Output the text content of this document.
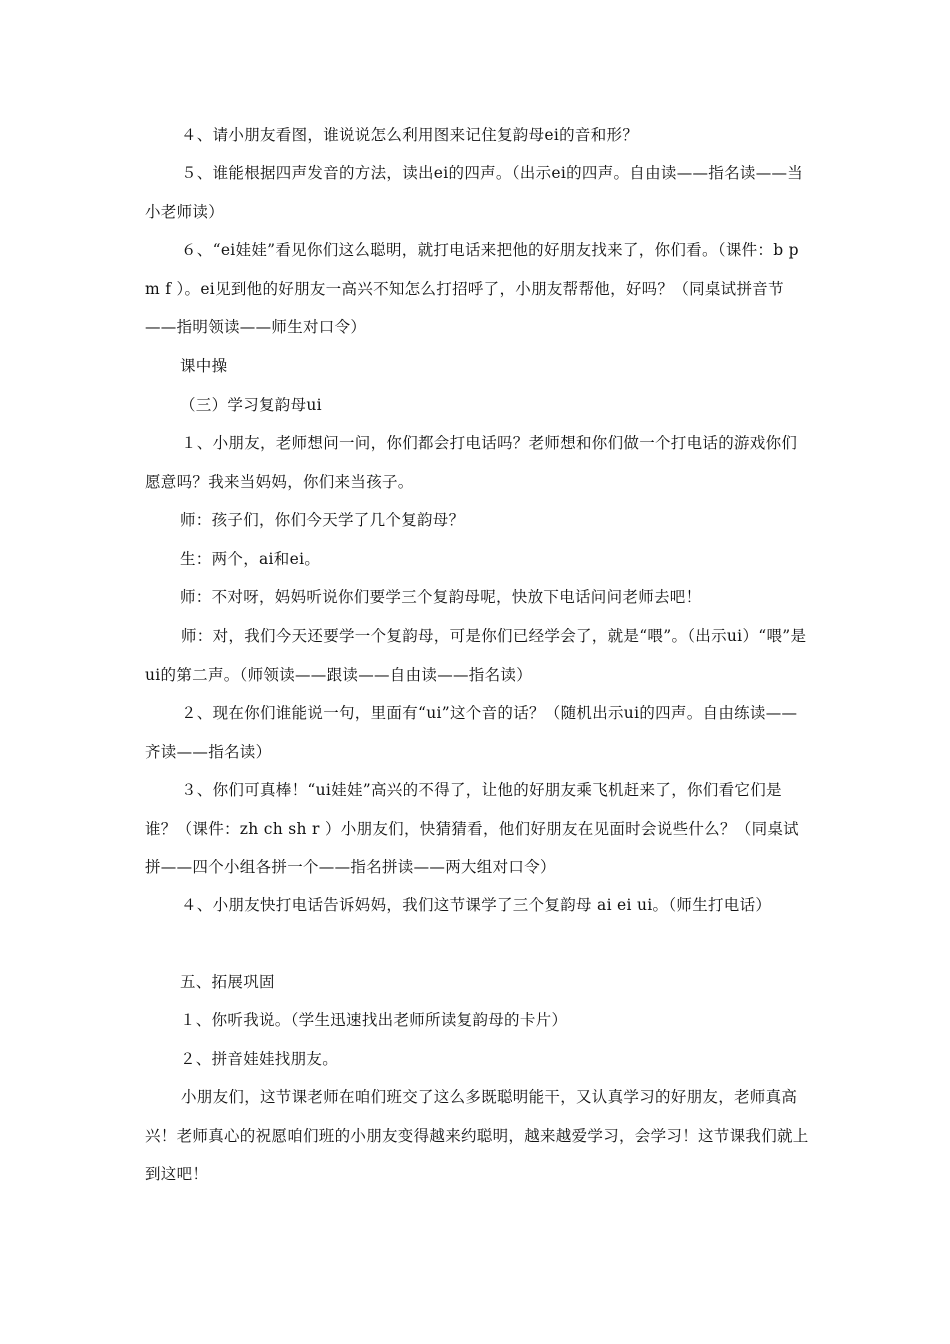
４、请小朋友看图，谁说说怎么利用图来记住复韵母ei的音和形？

５、谁能根据四声发音的方法，读出ei的四声。（出示ei的四声。自由读——指名读——当小老师读）

６、“ei娃娃”看见你们这么聪明，就打电话来把他的好朋友找来了，你们看。（课件：b p m f ）。ei见到他的好朋友一高兴不知怎么打招呼了，小朋友帮帮他，好吗？（同桌试拼音节——指明领读——师生对口令）

课中操

（三）学习复韵母ui

１、小朋友，老师想问一问，你们都会打电话吗？老师想和你们做一个打电话的游戏你们愿意吗？我来当妈妈，你们来当孩子。

师：孩子们，你们今天学了几个复韵母？

生：两个，ai和ei。

师：不对呀，妈妈听说你们要学三个复韵母呢，快放下电话问问老师去吧！

师：对，我们今天还要学一个复韵母，可是你们已经学会了，就是“喂”。（出示ui）“喂”是ui的第二声。（师领读——跟读——自由读——指名读）

２、现在你们谁能说一句，里面有“ui”这个音的话？（随机出示ui的四声。自由练读——齐读——指名读）

３、你们可真棒！“ui娃娃”高兴的不得了，让他的好朋友乘飞机赶来了，你们看它们是谁？（课件：zh ch sh r ）小朋友们，快猜猜看，他们好朋友在见面时会说些什么？（同桌试拼——四个小组各拼一个——指名拼读——两大组对口令）

４、小朋友快打电话告诉妈妈，我们这节课学了三个复韵母 ai ei ui。（师生打电话）

五、拓展巩固

１、你听我说。（学生迅速找出老师所读复韵母的卡片）

２、拼音娃娃找朋友。

小朋友们，这节课老师在咱们班交了这么多既聪明能干，又认真学习的好朋友，老师真高兴！老师真心的祝愿咱们班的小朋友变得越来约聪明，越来越爱学习，会学习！这节课我们就上到这吧！
